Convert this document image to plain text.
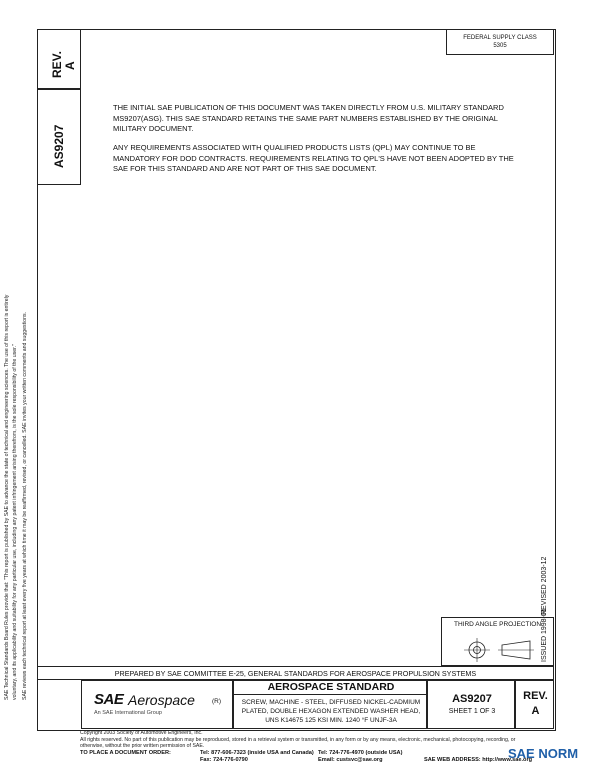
REV. A
AS9207
FEDERAL SUPPLY CLASS
5305
THE INITIAL SAE PUBLICATION OF THIS DOCUMENT WAS TAKEN DIRECTLY FROM U.S. MILITARY STANDARD MS9207(ASG). THIS SAE STANDARD RETAINS THE SAME PART NUMBERS ESTABLISHED BY THE ORIGINAL MILITARY DOCUMENT.
ANY REQUIREMENTS ASSOCIATED WITH QUALIFIED PRODUCTS LISTS (QPL) MAY CONTINUE TO BE MANDATORY FOR DOD CONTRACTS. REQUIREMENTS RELATING TO QPL'S HAVE NOT BEEN ADOPTED BY THE SAE FOR THIS STANDARD AND ARE NOT PART OF THIS SAE DOCUMENT.
SAE Technical Standards Board Rules provide that: "This report is published by SAE to advance the state of technical and engineering sciences. The use of this report is entirely voluntary, and its applicability and suitability for any particular use, including any patent infringement arising therefrom, is the sole responsibility of the user." SAE reviews each technical report at least every five years at which time it may be reaffirmed, revised, or cancelled. SAE invites your written comments and suggestions.	REVISED 2003-12
ISSUED 1998-01
THIRD ANGLE PROJECTION
PREPARED BY SAE COMMITTEE E-25, GENERAL STANDARDS FOR AEROSPACE PROPULSION SYSTEMS
SAE Aerospace
An SAE International Group
AEROSPACE STANDARD
(R)	SCREW, MACHINE - STEEL, DIFFUSED NICKEL-CADMIUM
PLATED, DOUBLE HEXAGON EXTENDED WASHER HEAD,
UNS K14675 125 KSI MIN. 1240 °F UNJF-3A
AS9207
SHEET 1 OF 3
REV.
A
Copyright 2003 Society of Automotive Engineers, Inc.
All rights reserved. No part of this publication may be reproduced, stored in a retrieval system or transmitted, in any form or by any means, electronic, mechanical, photocopying, recording, or
otherwise, without the prior written permission of SAE.
TO PLACE A DOCUMENT ORDER:	Tel: 877-606-7323 (inside USA and Canada)
Fax: 724-776-0790
Tel: 724-776-4970 (outside USA)
Email: custsvc@sae.org	SAE WEB ADDRESS: http://www.sae.org
SAE NORM
